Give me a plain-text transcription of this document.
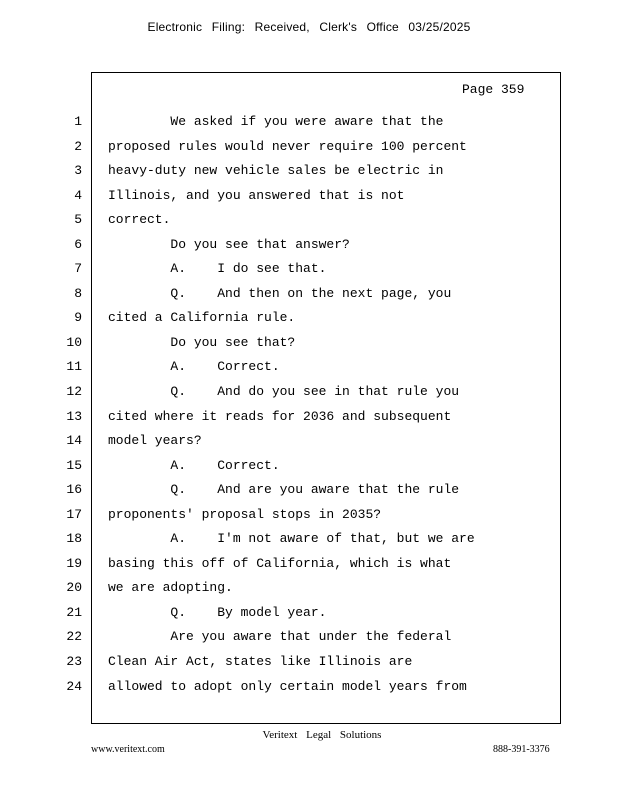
Electronic Filing: Received, Clerk's Office 03/25/2025
Page 359
1
2
3
4
5
6
7
8
9
10
11
12
13
14
15
16
17
18
19
20
21
22
23
24
We asked if you were aware that the
proposed rules would never require 100 percent
heavy-duty new vehicle sales be electric in
Illinois, and you answered that is not
correct.
Do you see that answer?
A.    I do see that.
Q.    And then on the next page, you
cited a California rule.
Do you see that?
A.    Correct.
Q.    And do you see in that rule you
cited where it reads for 2036 and subsequent
model years?
A.    Correct.
Q.    And are you aware that the rule
proponents' proposal stops in 2035?
A.    I'm not aware of that, but we are
basing this off of California, which is what
we are adopting.
Q.    By model year.
Are you aware that under the federal
Clean Air Act, states like Illinois are
allowed to adopt only certain model years from
Veritext Legal Solutions
www.veritext.com	888-391-3376
